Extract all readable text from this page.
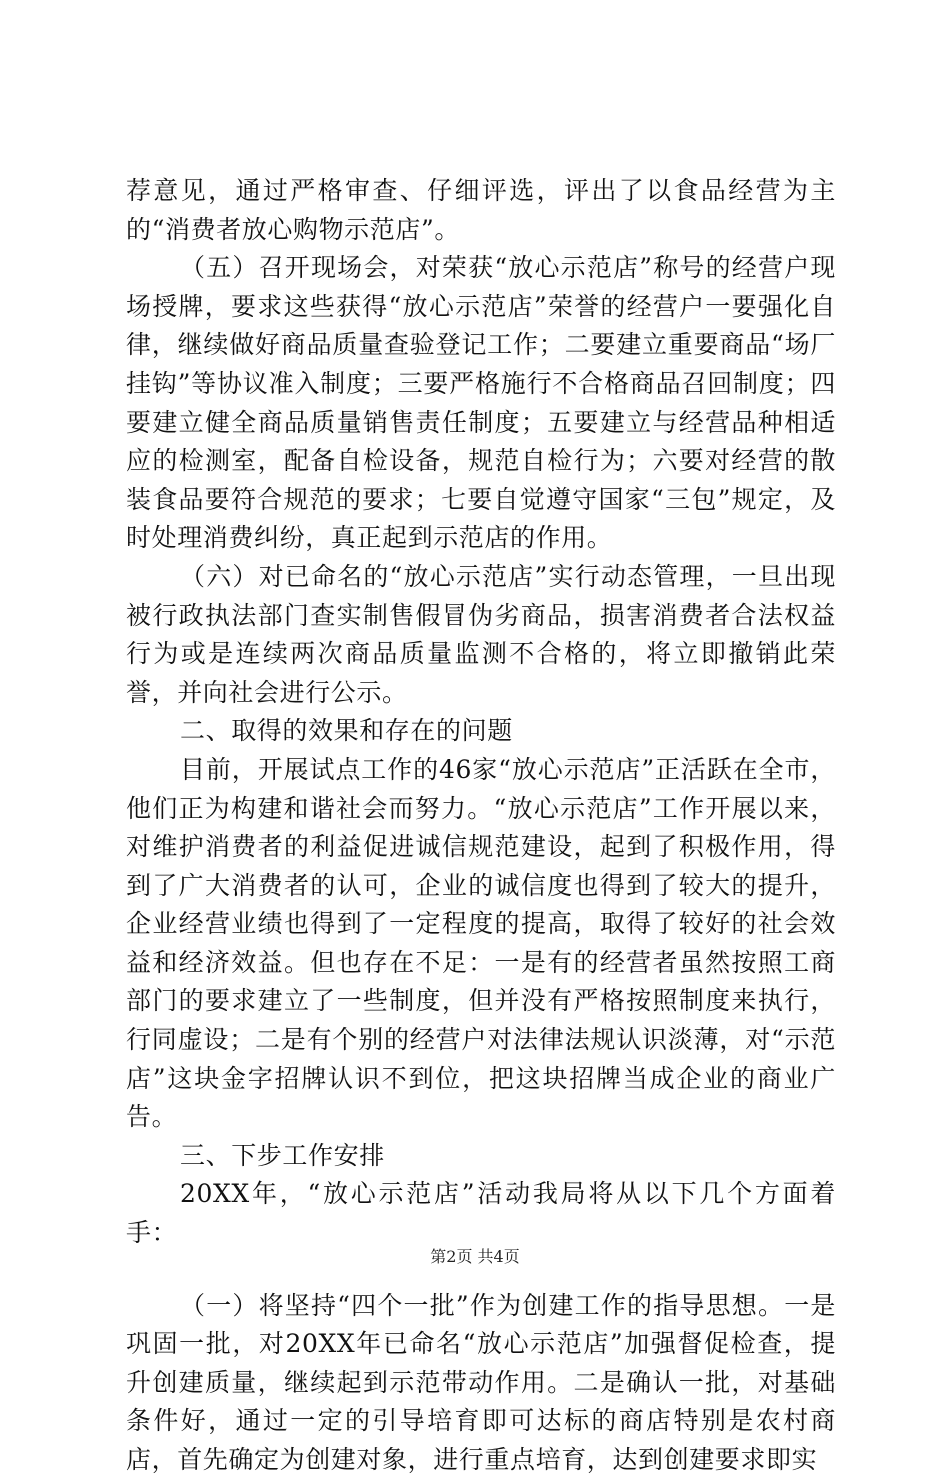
荐意见，通过严格审查、仔细评选，评出了以食品经营为主的“消费者放心购物示范店”。

（五）召开现场会，对荣获“放心示范店”称号的经营户现场授牌，要求这些获得“放心示范店”荣誉的经营户一要强化自律，继续做好商品质量查验登记工作；二要建立重要商品“场厂挂钩”等协议准入制度；三要严格施行不合格商品召回制度；四要建立健全商品质量销售责任制度；五要建立与经营品种相适应的检测室，配备自检设备，规范自检行为；六要对经营的散装食品要符合规范的要求；七要自觉遵守国家“三包”规定，及时处理消费纠纷，真正起到示范店的作用。

（六）对已命名的“放心示范店”实行动态管理，一旦出现被行政执法部门查实制售假冒伪劣商品，损害消费者合法权益行为或是连续两次商品质量监测不合格的，将立即撤销此荣誉，并向社会进行公示。

二、取得的效果和存在的问题

目前，开展试点工作的46家“放心示范店”正活跃在全市，他们正为构建和谐社会而努力。“放心示范店”工作开展以来，对维护消费者的利益促进诚信规范建设，起到了积极作用，得到了广大消费者的认可，企业的诚信度也得到了较大的提升，企业经营业绩也得到了一定程度的提高，取得了较好的社会效益和经济效益。但也存在不足：一是有的经营者虽然按照工商部门的要求建立了一些制度，但并没有严格按照制度来执行，行同虚设；二是有个别的经营户对法律法规认识淡薄，对“示范店”这块金字招牌认识不到位，把这块招牌当成企业的商业广告。

三、下步工作安排

20XX年，“放心示范店”活动我局将从以下几个方面着手：

（一）将坚持“四个一批”作为创建工作的指导思想。一是巩固一批，对20XX年已命名“放心示范店”加强督促检查，提升创建质量，继续起到示范带动作用。二是确认一批，对基础条件好，通过一定的引导培育即可达标的商店特别是农村商店，首先确定为创建对象，进行重点培育，达到创建要求即实

第2页 共4页
